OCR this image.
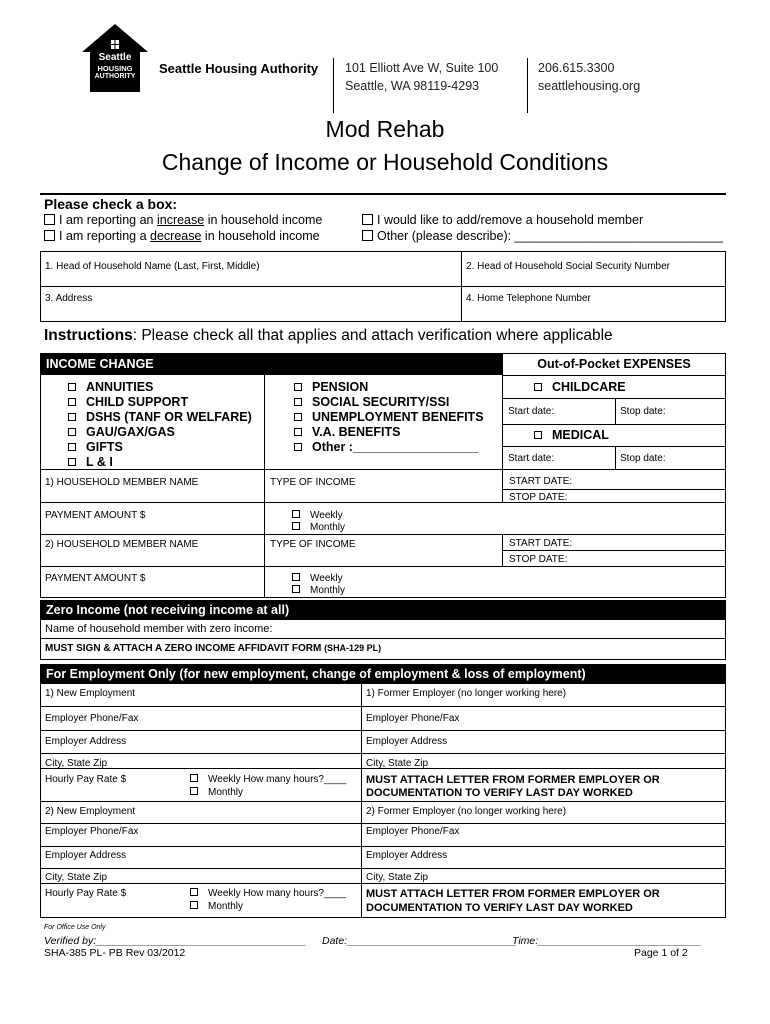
Seattle
HOUSING
AUTHORITY
Seattle Housing Authority 101 Elliott Ave W, Suite 100
Seattle, WA 98119-4293
206.615.3300
seattlehousing.org
Mod Rehab
Change of Income or Household Conditions
Please check a box:
I am reporting an increase in household income
I am reporting a decrease in household income
I would like to add/remove a household member
Other (please describe): ______________________________
1. Head of Household Name (Last, First, Middle)	2. Head of Household Social Security Number
3. Address	4. Home Telephone Number
Instructions: Please check all that applies and attach verification where applicable
INCOME CHANGE	Out-of-Pocket EXPENSES
ANNUITIES
CHILD SUPPORT
DSHS (TANF OR WELFARE)
GAU/GAX/GAS
GIFTS
L & I
PENSION
SOCIAL SECURITY/SSI
UNEMPLOYMENT BENEFITS
V.A. BENEFITS
Other :__________________
CHILDCARE
Start date:	Stop date:
MEDICAL
Start date:	Stop date:
1) HOUSEHOLD MEMBER NAME	TYPE OF INCOME	START DATE:
STOP DATE:
PAYMENT AMOUNT $	Weekly
Monthly
2) HOUSEHOLD MEMBER NAME	TYPE OF INCOME	START DATE:
STOP DATE:
PAYMENT AMOUNT $	Weekly
Monthly
Zero Income (not receiving income at all)
Name of household member with zero income:
MUST SIGN & ATTACH A ZERO INCOME AFFIDAVIT FORM (SHA-129 PL)
For Employment Only (for new employment, change of employment & loss of employment)
1) New Employment	1) Former Employer (no longer working here)
Employer Phone/Fax	Employer Phone/Fax
Employer Address	Employer Address
City, State Zip	City, State Zip
Hourly Pay Rate $	Weekly How many hours?____
Monthly
MUST ATTACH LETTER FROM FORMER EMPLOYER OR
DOCUMENTATION TO VERIFY LAST DAY WORKED
2) New Employment	2) Former Employer (no longer working here)
Employer Phone/Fax	Employer Phone/Fax
Employer Address	Employer Address
City, State Zip	City, State Zip
Hourly Pay Rate $	Weekly How many hours?____
Monthly
MUST ATTACH LETTER FROM FORMER EMPLOYER OR
DOCUMENTATION TO VERIFY LAST DAY WORKED
For Office Use Only
Verified by:____________________________________ Date:_____________________________
Time:____________________________
SHA-385 PL- PB Rev 03/2012	Page 1 of 2
